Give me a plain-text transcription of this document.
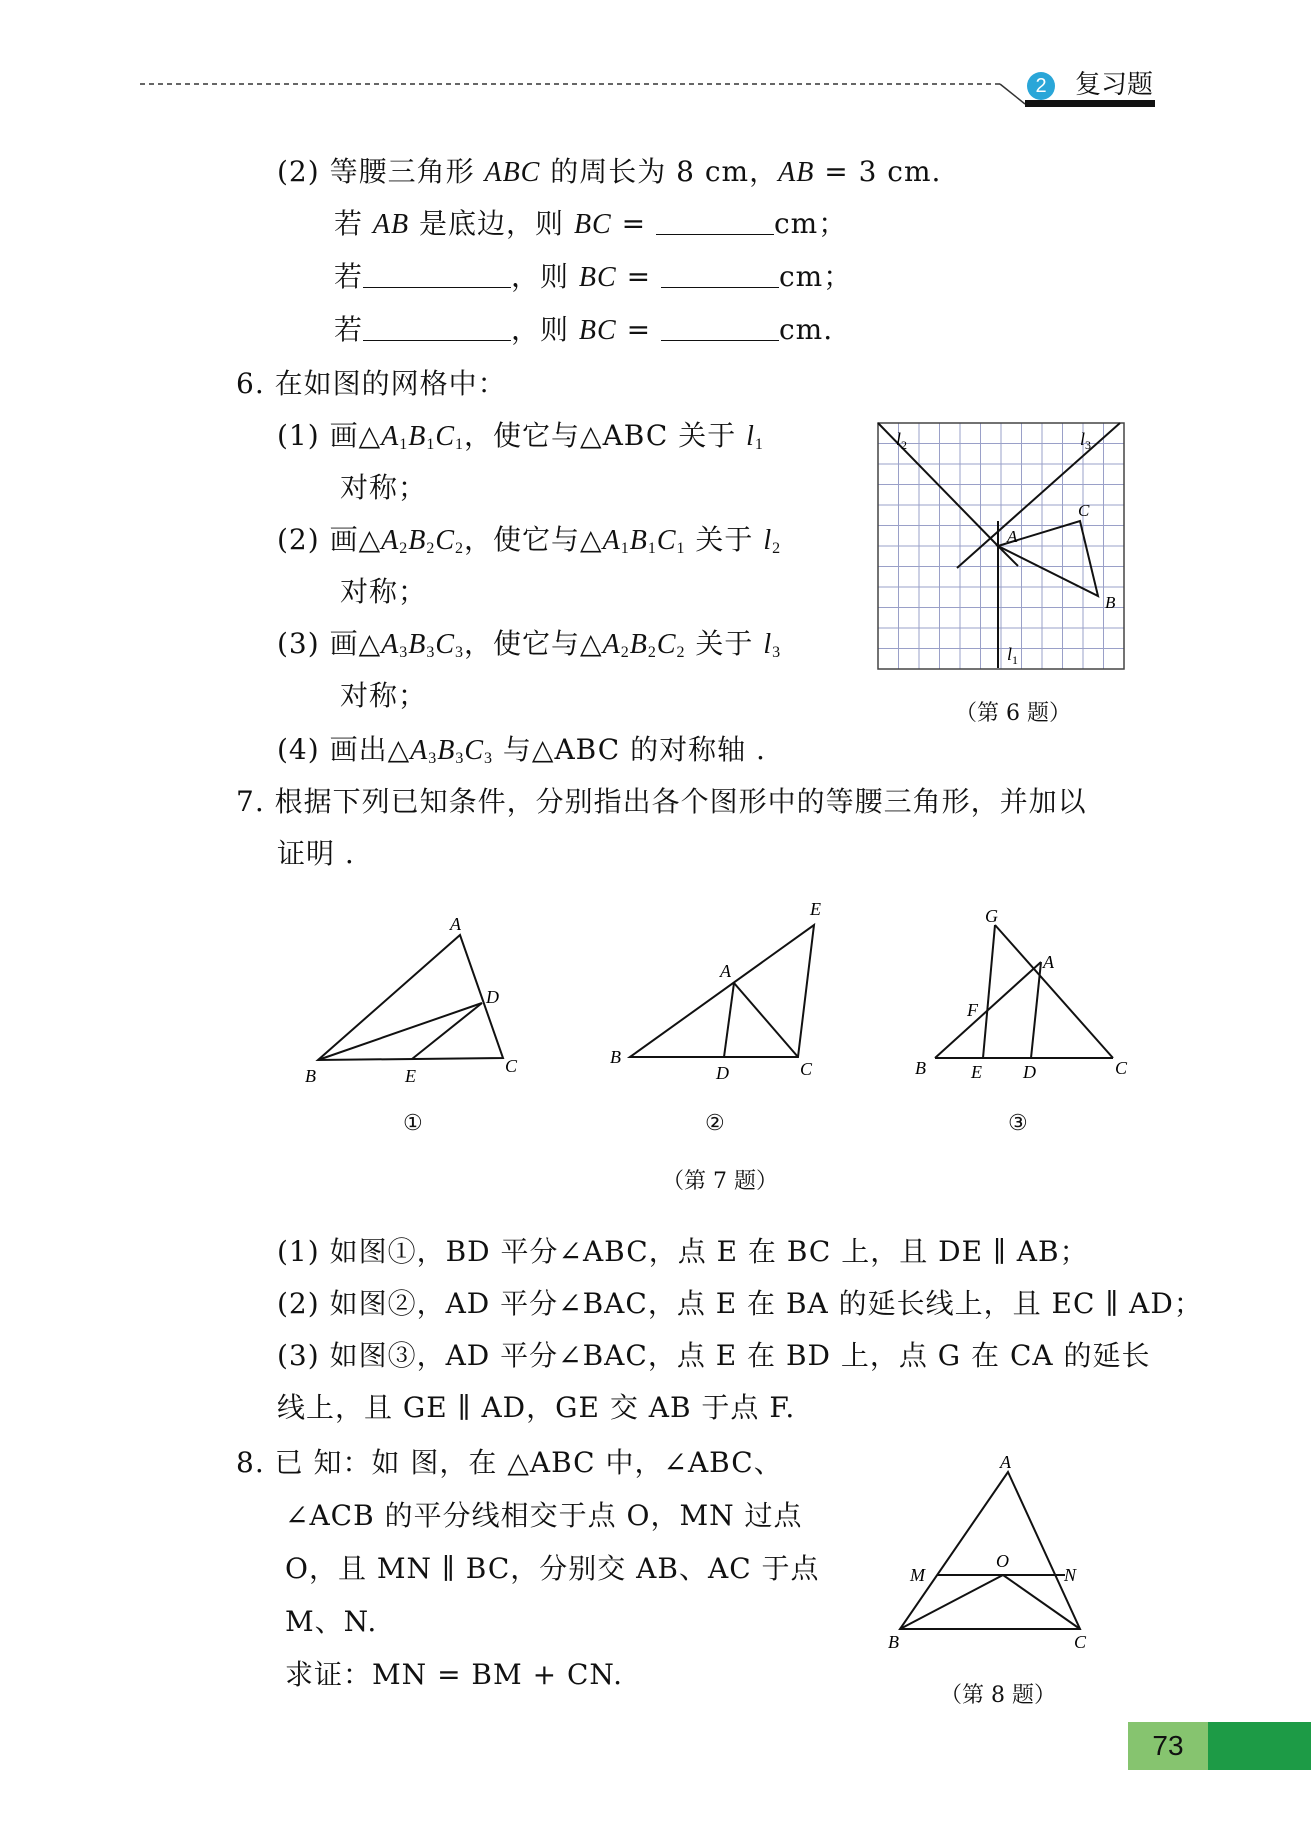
2	复习题
(2) 等腰三角形 ABC 的周长为 8 cm，AB = 3 cm.
若 AB 是底边，则 BC =	cm；
若	，则 BC =	cm；
若	，则 BC =	cm.
6. 在如图的网格中：
(1) 画$\triangle A_1B_1C_1$，使它与△ABC 关于 $l_1$
对称；
(2) 画$\triangle A_2B_2C_2$，使它与$\triangle A_1B_1C_1$ 关于 $l_2$
对称；
(3) 画$\triangle A_3B_3C_3$，使它与$\triangle A_2B_2C_2$ 关于 $l_3$
对称；
(4) 画出$\triangle A_3B_3C_3$ 与△ABC 的对称轴 .
$l_2$	$l_3$
$l_1$
A
C
B
（第 6 题）
7. 根据下列已知条件，分别指出各个图形中的等腰三角形，并加以
证明 .
A
B	C
D
E
①
E
A
B
D	C
②
G
A
F
B	E D	C
③
（第 7 题）
(1) 如图①，BD 平分∠ABC，点 E 在 BC 上，且 DE ∥ AB；
(2) 如图②，AD 平分∠BAC，点 E 在 BA 的延长线上，且 EC ∥ AD；
(3) 如图③，AD 平分∠BAC，点 E 在 BD 上，点 G 在 CA 的延长
线上，且 GE ∥ AD，GE 交 AB 于点 F.
8. 已 知：如 图，在 △ABC 中，∠ABC、
∠ACB 的平分线相交于点 O，MN 过点
O，且 MN ∥ BC，分别交 AB、AC 于点
M、N.
求证：MN = BM + CN.
A
M
O
N
B	C
（第 8 题）
73
